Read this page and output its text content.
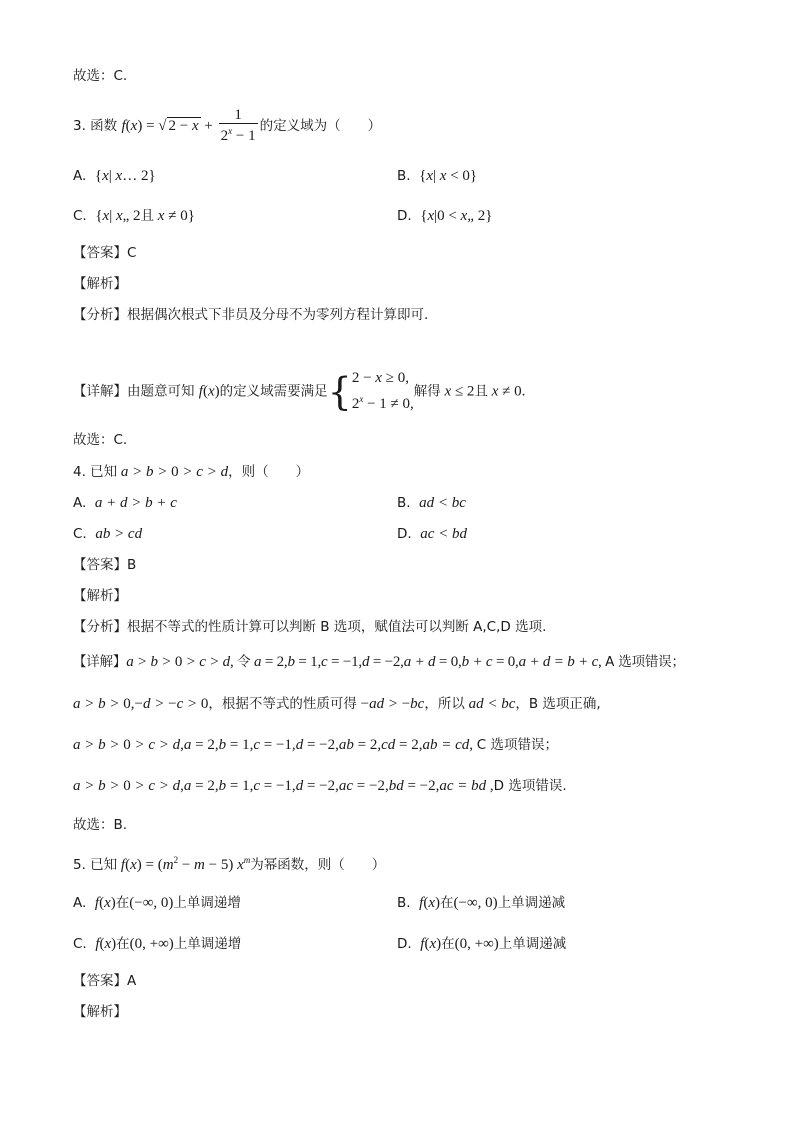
故选：C.
3. 函数 f(x) = √ $2 - x + \frac{1}{2^x - 1}$ 的定义域为（　　）
A. {x| x… 2}	B. {x| x < 0}
C. {x| x„ 2且 x ≠ 0}	D. {x|0 < x„ 2}
【答案】C
【解析】
【分析】根据偶次根式下非员及分母不为零列方程计算即可.
【详解】由题意可知 f(x)的定义域需要满足{ 2 − x ≥ 0,
$2^x - 1 \ne 0$,
解得 x ≤ 2且 x ≠ 0.
故选：C.
4. 已知 a > b > 0 > c > d，则（　　）
A. a + d > b + c	B. ad < bc
C. ab > cd	D. ac < bd
【答案】B
【解析】
【分析】根据不等式的性质计算可以判断 B 选项，赋值法可以判断 A,C,D 选项.
【详解】a > b > 0 > c > d, 令 a = 2,b = 1,c = −1,d = −2,a + d = 0,b + c = 0,a + d = b + c, A 选项错误；
a > b > 0,−d > −c > 0，根据不等式的性质可得 −ad > −bc，所以 ad < bc，B 选项正确,
a > b > 0 > c > d,a = 2,b = 1,c = −1,d = −2,ab = 2,cd = 2,ab = cd, C 选项错误；
a > b > 0 > c > d,a = 2,b = 1,c = −1,d = −2,ac = −2,bd = −2,ac = bd ,D 选项错误.
故选：B.
5. 已知 $f(x) = (m^2 - m - 5)$ $x^m$为幂函数，则（　　）
A. f(x)在(−∞, 0)上单调递增	B. f(x)在(−∞, 0)上单调递减
C. f(x)在(0, +∞)上单调递增	D. f(x)在(0, +∞)上单调递减
【答案】A
【解析】
